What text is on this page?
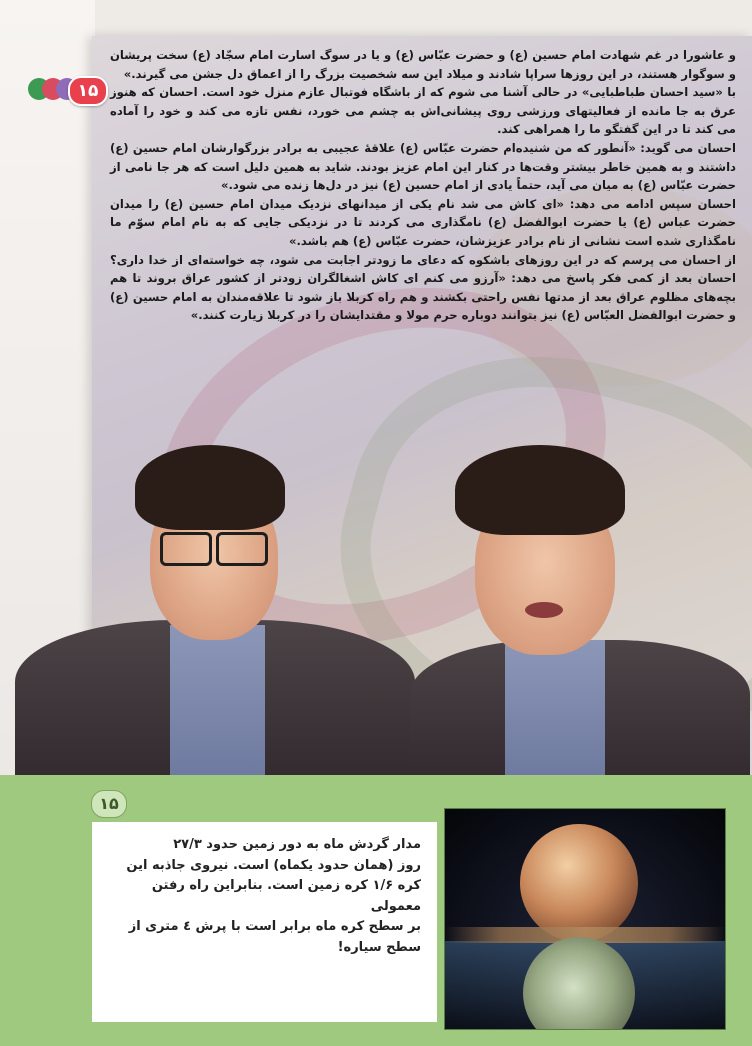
۱۵

و عاشورا در غم شهادت امام حسین (ع) و حضرت عبّاس (ع) و یا در سوگ اسارت امام سجّاد (ع) سخت پریشان و سوگوار هستند، در این روزها سراپا شادند و میلاد این سه شخصیت بزرگ را از اعماق دل جشن می گیرند.»

با «سید احسان طباطبایی» در حالی آشنا می شوم که از باشگاه فوتبال عازم منزل خود است. احسان که هنوز عرق به جا مانده از فعالیتهای ورزشی روی پیشانی‌اش به چشم می خورد، نفس تازه می کند و خود را آماده می کند تا در این گفتگو ما را همراهی کند.

احسان می گوید: «آنطور که من شنیده‌ام حضرت عبّاس (ع) علاقهٔ عجیبی به برادر بزرگوارشان امام حسین (ع) داشتند و به همین خاطر بیشتر وقت‌ها در کنار این امام عزیز بودند. شاید به همین دلیل است که هر جا نامی از حضرت عبّاس (ع) به میان می آید، حتماً یادی از امام حسین (ع) نیز در دل‌ها زنده می شود.»

احسان سپس ادامه می دهد: «ای کاش می شد نام یکی از میدانهای نزدیک میدان امام حسین (ع) را میدان حضرت عباس (ع) یا حضرت ابوالفضل (ع) نامگذاری می کردند تا در نزدیکی جایی که به نام امام سوّم ما نامگذاری شده است نشانی از نام برادر عزیزشان، حضرت عبّاس (ع) هم باشد.»

از احسان می پرسم که در این روزهای باشکوه که دعای ما زودتر اجابت می شود، چه خواسته‌ای از خدا داری؟ احسان بعد از کمی فکر پاسخ می دهد: «آرزو می کنم ای کاش اشغالگران زودتر از کشور عراق بروند تا هم بچه‌های مظلوم عراق بعد از مدتها نفس راحتی بکشند و هم راه کربلا باز شود تا علاقه‌مندان به امام حسین (ع) و حضرت ابوالفضل العبّاس (ع) نیز بتوانند دوباره حرم مولا و مقتدایشان را در کربلا زیارت کنند.»

۱۵

مدار گردش ماه به دور زمین حدود ۲۷/۳

روز (همان حدود یکماه) است. نیروی جاذبه این

کره ۱/۶ کره زمین است. بنابراین راه رفتن معمولی

بر سطح کره ماه برابر است با پرش ٤ متری از

سطح سیاره!
